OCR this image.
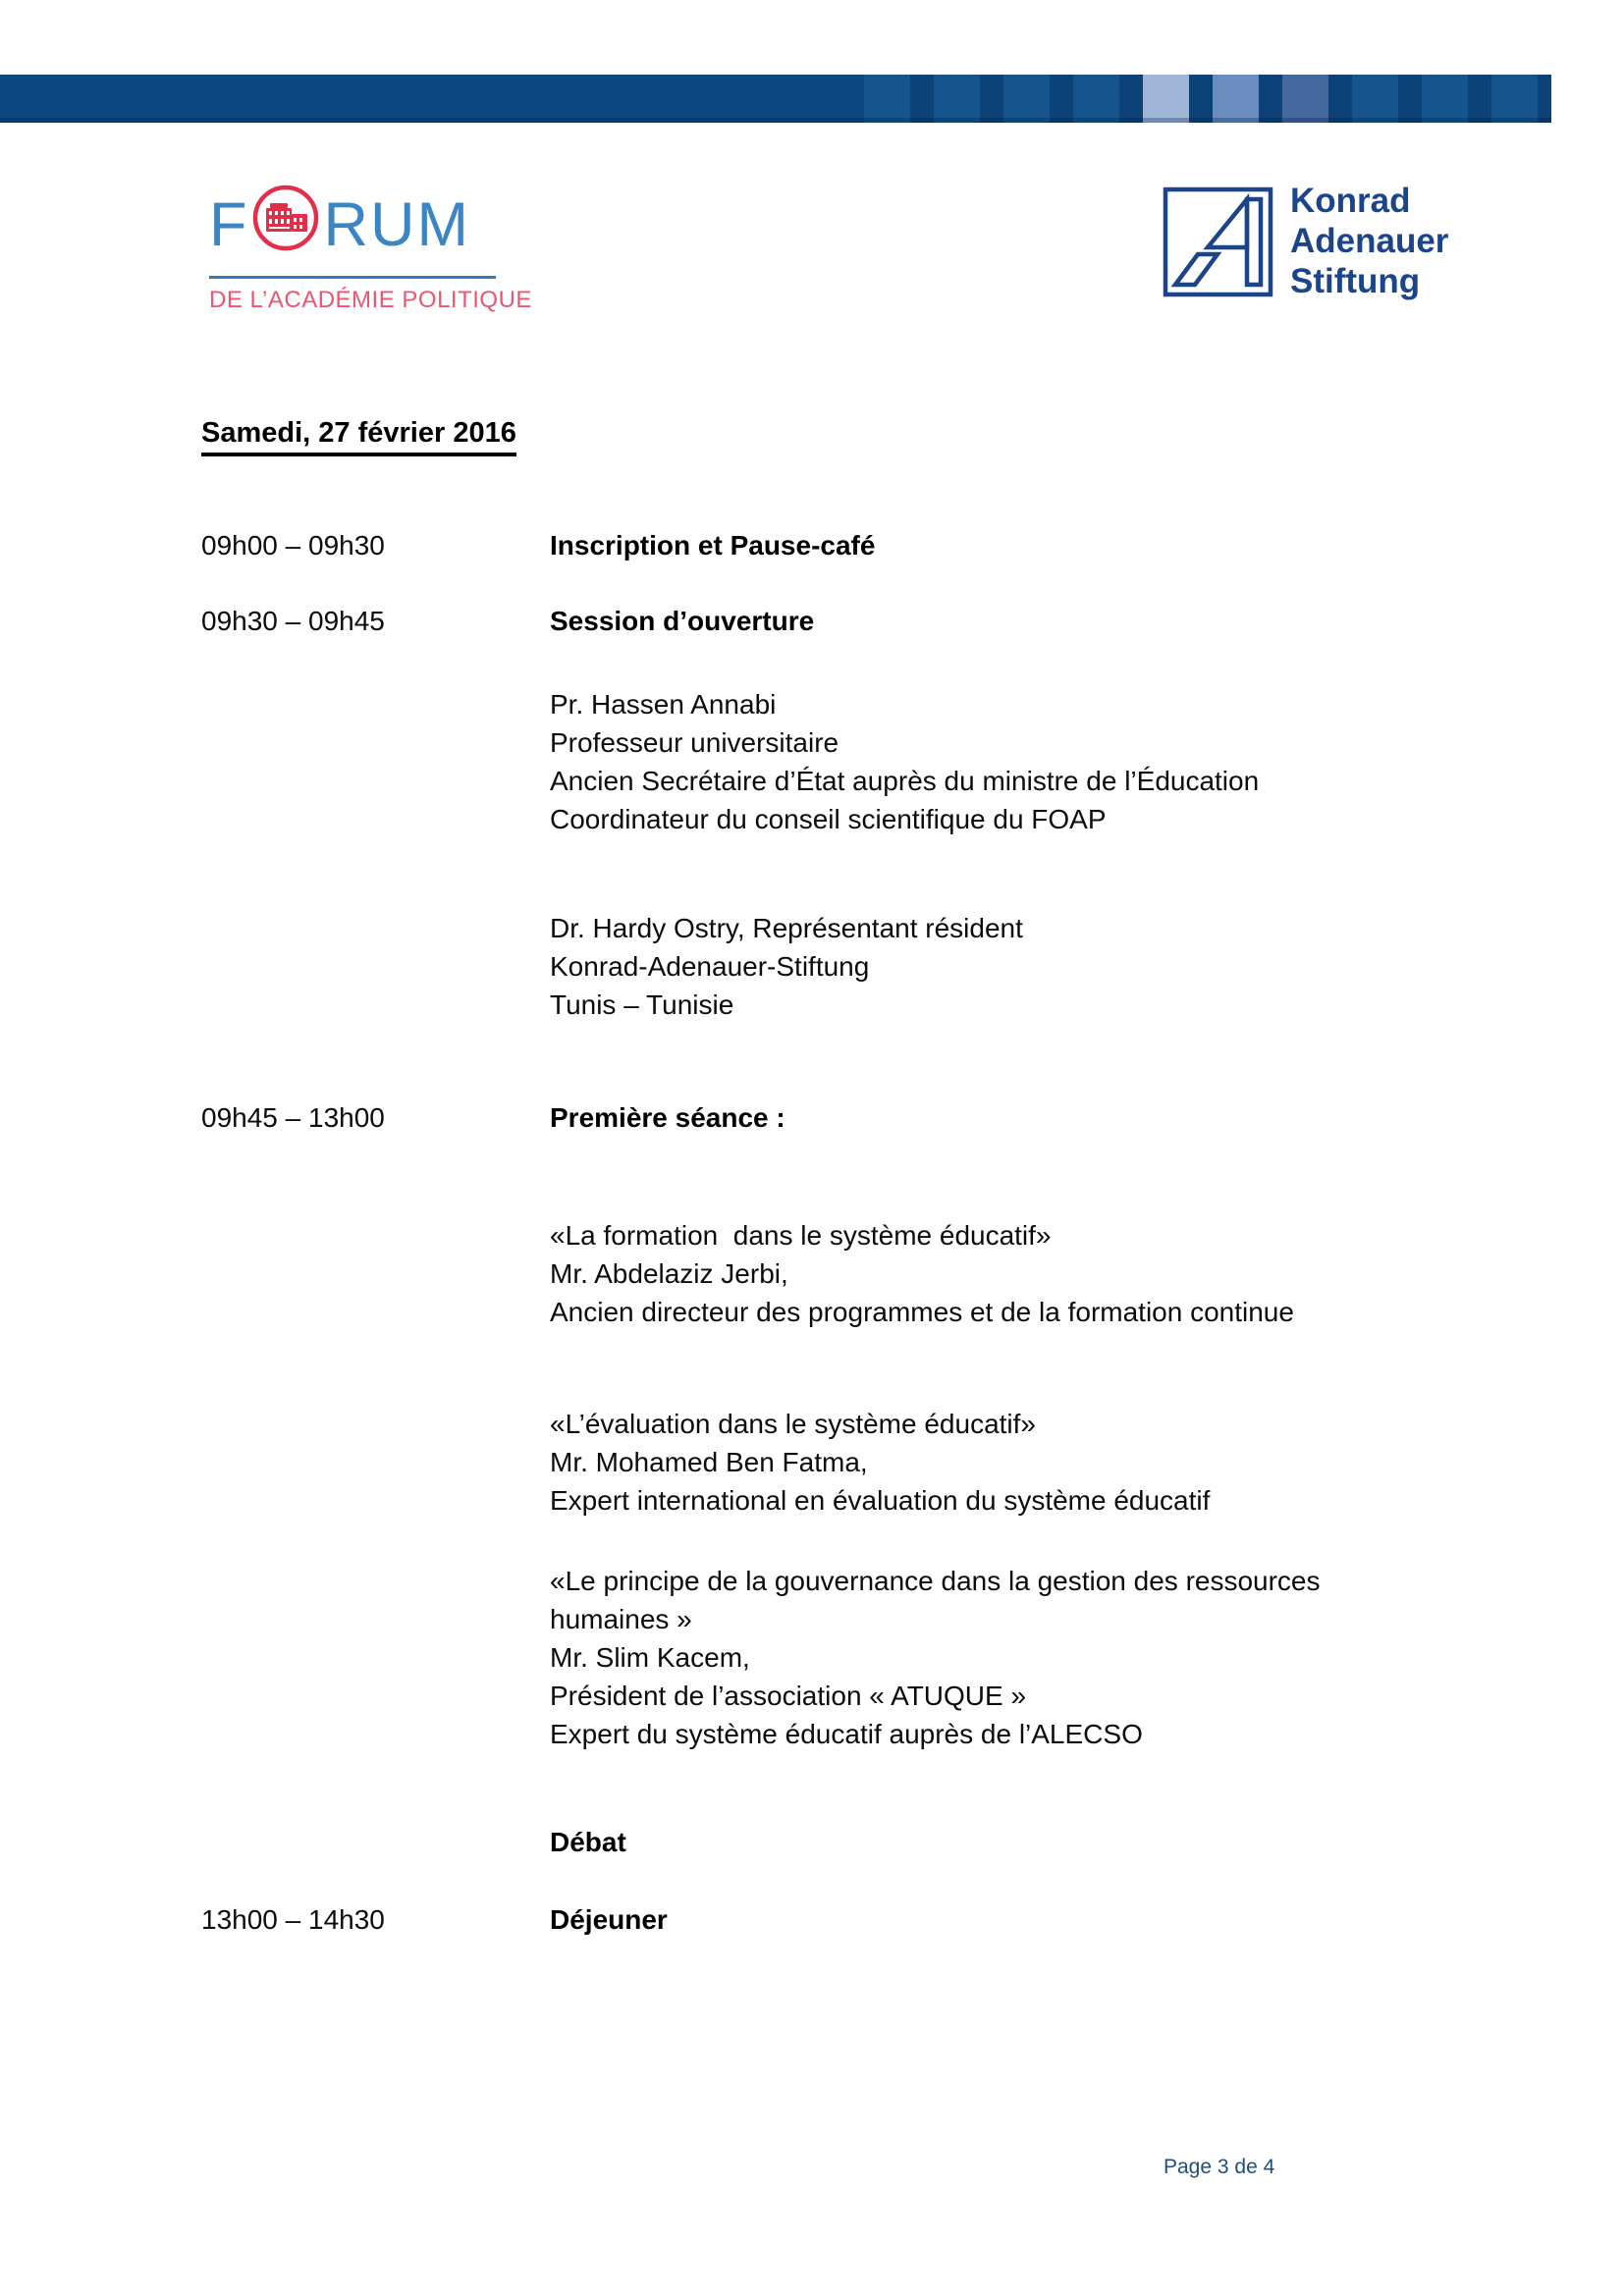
F RUM
DE L’ACADÉMIE POLITIQUE
Konrad
Adenauer
Stiftung
Samedi, 27 février 2016
09h00 – 09h30	Inscription et Pause-café
09h30 – 09h45	Session d’ouverture
Pr. Hassen Annabi
Professeur universitaire
Ancien Secrétaire d’État auprès du ministre de l’Éducation
Coordinateur du conseil scientifique du FOAP
Dr. Hardy Ostry, Représentant résident
Konrad-Adenauer-Stiftung
Tunis – Tunisie
09h45 – 13h00	Première séance :
«La formation  dans le système éducatif»
Mr. Abdelaziz Jerbi,
Ancien directeur des programmes et de la formation continue
«L’évaluation dans le système éducatif»
Mr. Mohamed Ben Fatma,
Expert international en évaluation du système éducatif
«Le principe de la gouvernance dans la gestion des ressources
humaines »
Mr. Slim Kacem,
Président de l’association « ATUQUE »
Expert du système éducatif auprès de l’ALECSO
Débat
13h00 – 14h30	Déjeuner
Page 3 de 4
